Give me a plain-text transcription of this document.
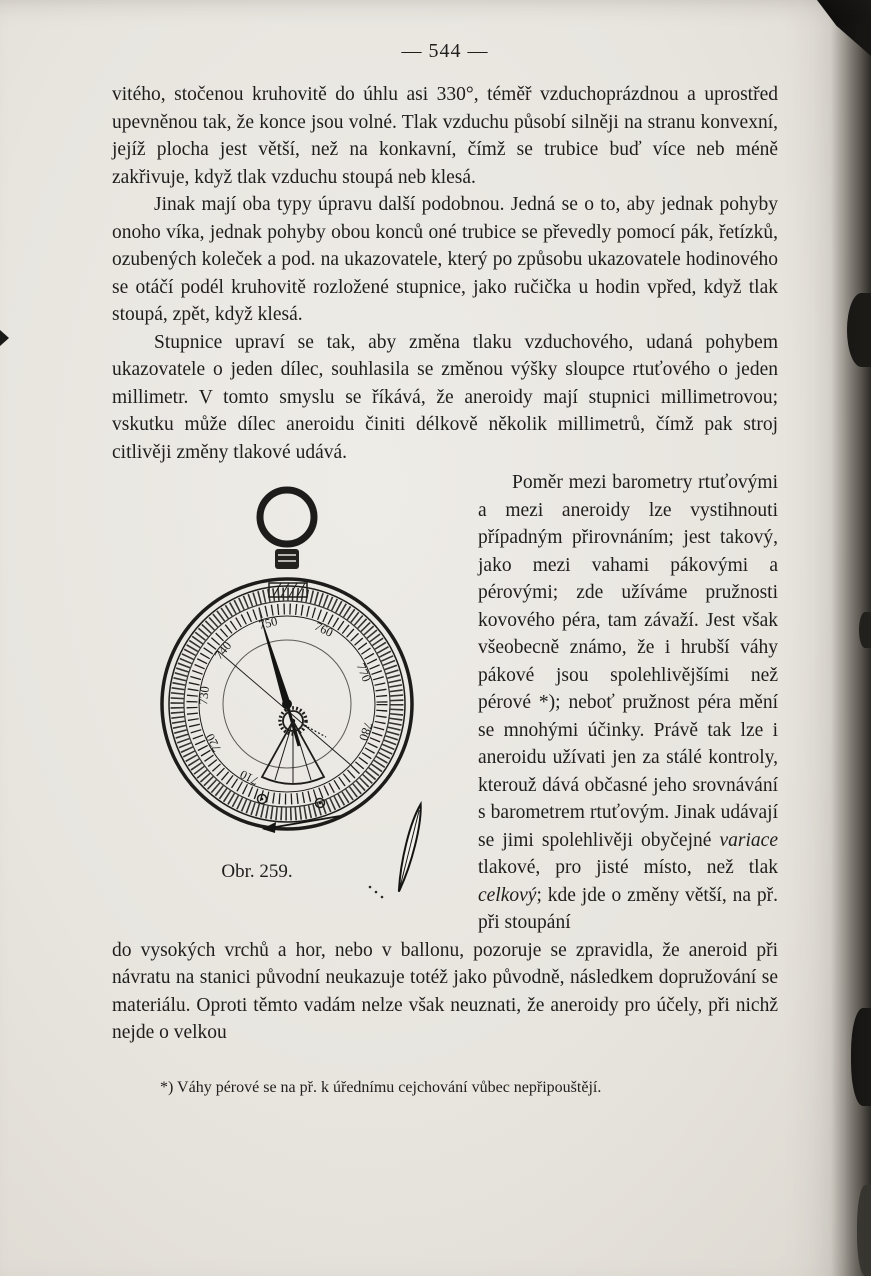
— 544 —

vitého, stočenou kruhovitě do úhlu asi 330°, téměř vzduchoprázdnou a uprostřed upevněnou tak, že konce jsou volné. Tlak vzduchu působí silněji na stranu konvexní, jejíž plocha jest větší, než na konkavní, čímž se trubice buď více neb méně zakřivuje, když tlak vzduchu stoupá neb klesá.

Jinak mají oba typy úpravu další podobnou. Jedná se o to, aby jednak pohyby onoho víka, jednak pohyby obou konců oné trubice se převedly pomocí pák, řetízků, ozubených koleček a pod. na ukazovatele, který po způsobu ukazovatele hodinového se otáčí podél kruhovitě rozložené stupnice, jako ručička u hodin vpřed, když tlak stoupá, zpět, když klesá.

Stupnice upraví se tak, aby změna tlaku vzduchového, udaná pohybem ukazovatele o jeden dílec, souhlasila se změnou výšky sloupce rtuťového o jeden millimetr. V tomto smyslu se říkává, že aneroidy mají stupnici millimetrovou; vskutku může dílec aneroidu činiti délkově několik millimetrů, čímž pak stroj citlivěji změny tlakové udává.

710
720
730
740
750	760
770
780
Obr. 259.

Poměr mezi barometry rtuťovými a mezi aneroidy lze vystihnouti případným přirovnáním; jest takový, jako mezi vahami pákovými a pérovými; zde užíváme pružnosti kovového péra, tam závaží. Jest však všeobecně známo, že i hrubší váhy pákové jsou spolehlivějšími než pérové *); neboť pružnost péra mění se mnohými účinky. Právě tak lze i aneroidu užívati jen za stálé kontroly, kterouž dává občasné jeho srovnávání s barometrem rtuťovým. Jinak udávají se jimi spolehlivěji obyčejné variace tlakové, pro jisté místo, než tlak celkový; kde jde o změny větší, na př. při stoupání

do vysokých vrchů a hor, nebo v ballonu, pozoruje se zpravidla, že aneroid při návratu na stanici původní neukazuje totéž jako původně, následkem dopružování se materiálu. Oproti těmto vadám nelze však neuznati, že aneroidy pro účely, při nichž nejde o velkou

*) Váhy pérové se na př. k úřednímu cejchování vůbec nepřipouštějí.
